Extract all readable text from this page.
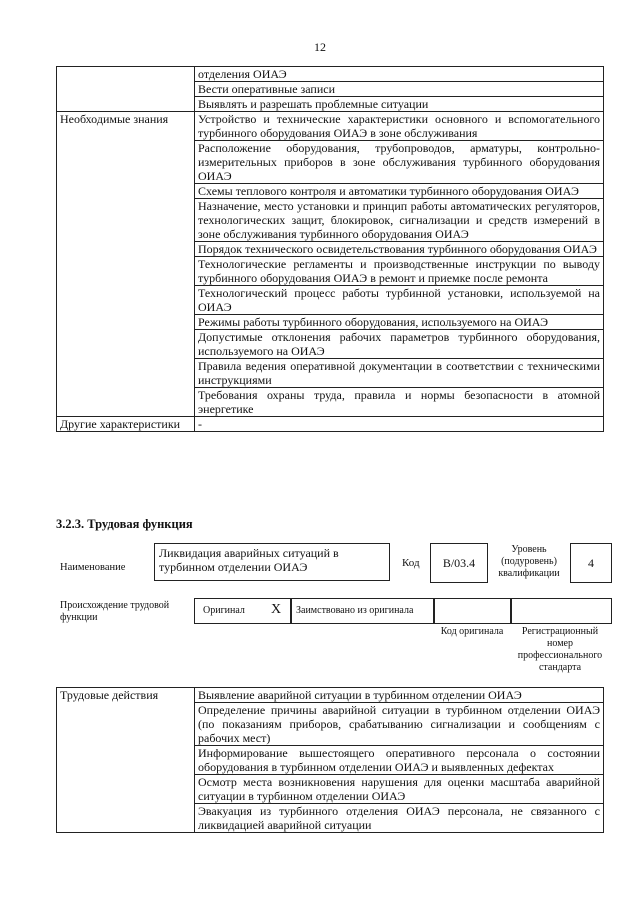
12
	отделения ОИАЭ
	Вести оперативные записи
	Выявлять и разрешать проблемные ситуации
Необходимые знания	Устройство и технические характеристики основного и вспомогательного турбинного оборудования ОИАЭ в зоне обслуживания
	Расположение оборудования, трубопроводов, арматуры, контрольно-измерительных приборов в зоне обслуживания турбинного оборудования ОИАЭ
	Схемы теплового контроля и автоматики турбинного оборудования ОИАЭ
	Назначение, место установки и принцип работы автоматических регуляторов, технологических защит, блокировок, сигнализации и средств измерений в зоне обслуживания турбинного оборудования ОИАЭ
	Порядок технического освидетельствования турбинного оборудования ОИАЭ
	Технологические регламенты и производственные инструкции по выводу турбинного оборудования ОИАЭ в ремонт и приемке после ремонта
	Технологический процесс работы турбинной установки, используемой на ОИАЭ
	Режимы работы турбинного оборудования, используемого на ОИАЭ
	Допустимые отклонения рабочих параметров турбинного оборудования, используемого на ОИАЭ
	Правила ведения оперативной документации в соответствии с техническими инструкциями
	Требования охраны труда, правила и нормы безопасности в атомной энергетике
Другие характеристики	-
3.2.3. Трудовая функция
Наименование
Ликвидация аварийных ситуаций в турбинном отделении ОИАЭ	Код	B/03.4
Уровень (подуровень) квалификации
4
Происхождение трудовой функции
Оригинал X Заимствовано из оригинала
Код оригинала	Регистрационный номер профессионального стандарта
Трудовые действия	Выявление аварийной ситуации в турбинном отделении ОИАЭ
Определение причины аварийной ситуации в турбинном отделении ОИАЭ (по показаниям приборов, срабатыванию сигнализации и сообщениям с рабочих мест)
Информирование вышестоящего оперативного персонала о состоянии оборудования в турбинном отделении ОИАЭ и выявленных дефектах
Осмотр места возникновения нарушения для оценки масштаба аварийной ситуации в турбинном отделении ОИАЭ
Эвакуация из турбинного отделения ОИАЭ персонала, не связанного с ликвидацией аварийной ситуации
